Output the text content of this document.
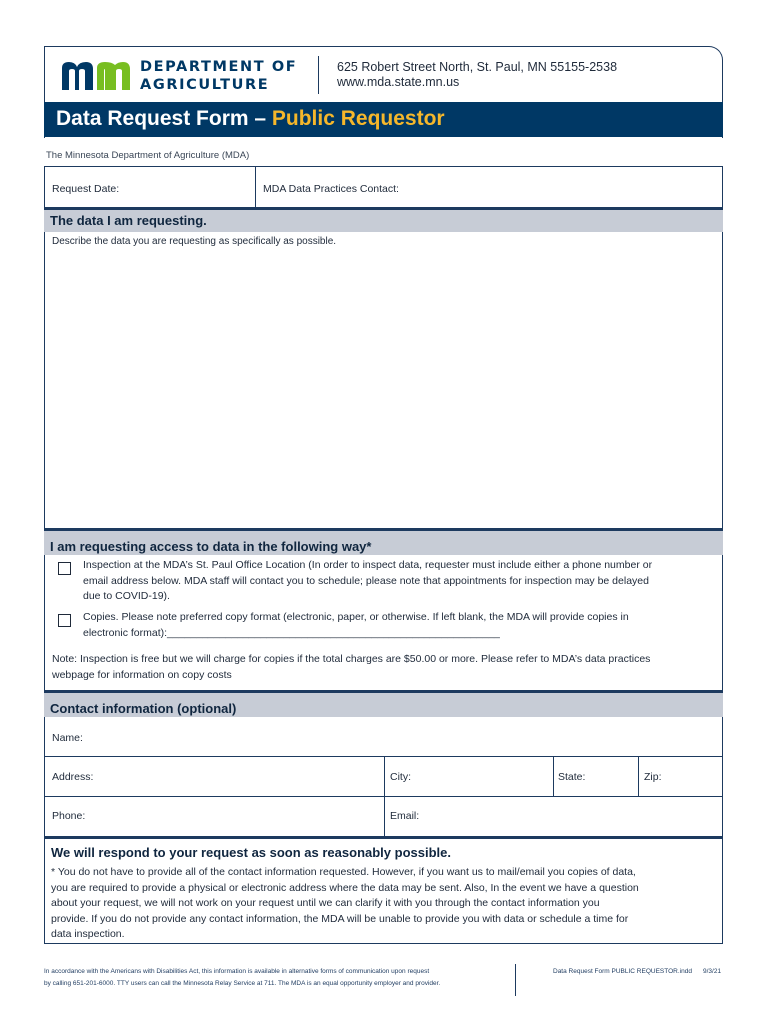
DEPARTMENT OF
AGRICULTURE
625 Robert Street North, St. Paul, MN 55155-2538
www.mda.state.mn.us
Data Request Form – Public Requestor
The Minnesota Department of Agriculture (MDA)
Request Date:	MDA Data Practices Contact:
The data I am requesting.
Describe the data you are requesting as specifically as possible.
I am requesting access to data in the following way*
Inspection at the MDA’s St. Paul Office Location (In order to inspect data, requester must include either a phone number or
email address below. MDA staff will contact you to schedule; please note that appointments for inspection may be delayed
due to COVID-19).
Copies. Please note preferred copy format (electronic, paper, or otherwise. If left blank, the MDA will provide copies in
electronic format):_________________________________________________________
Note: Inspection is free but we will charge for copies if the total charges are $50.00 or more. Please refer to MDA’s data practices
webpage for information on copy costs
Contact information (optional)
Name:
Address:	City:	State:	Zip:
Phone:	Email:
We will respond to your request as soon as reasonably possible.
* You do not have to provide all of the contact information requested. However, if you want us to mail/email you copies of data,
you are required to provide a physical or electronic address where the data may be sent. Also, In the event we have a question
about your request, we will not work on your request until we can clarify it with you through the contact information you
provide. If you do not provide any contact information, the MDA will be unable to provide you with data or schedule a time for
data inspection.
In accordance with the Americans with Disabilities Act, this information is available in alternative forms of communication upon request
by calling 651-201-6000. TTY users can call the Minnesota Relay Service at 711. The MDA is an equal opportunity employer and provider.
Data Request Form PUBLIC REQUESTOR.indd 9/3/21
